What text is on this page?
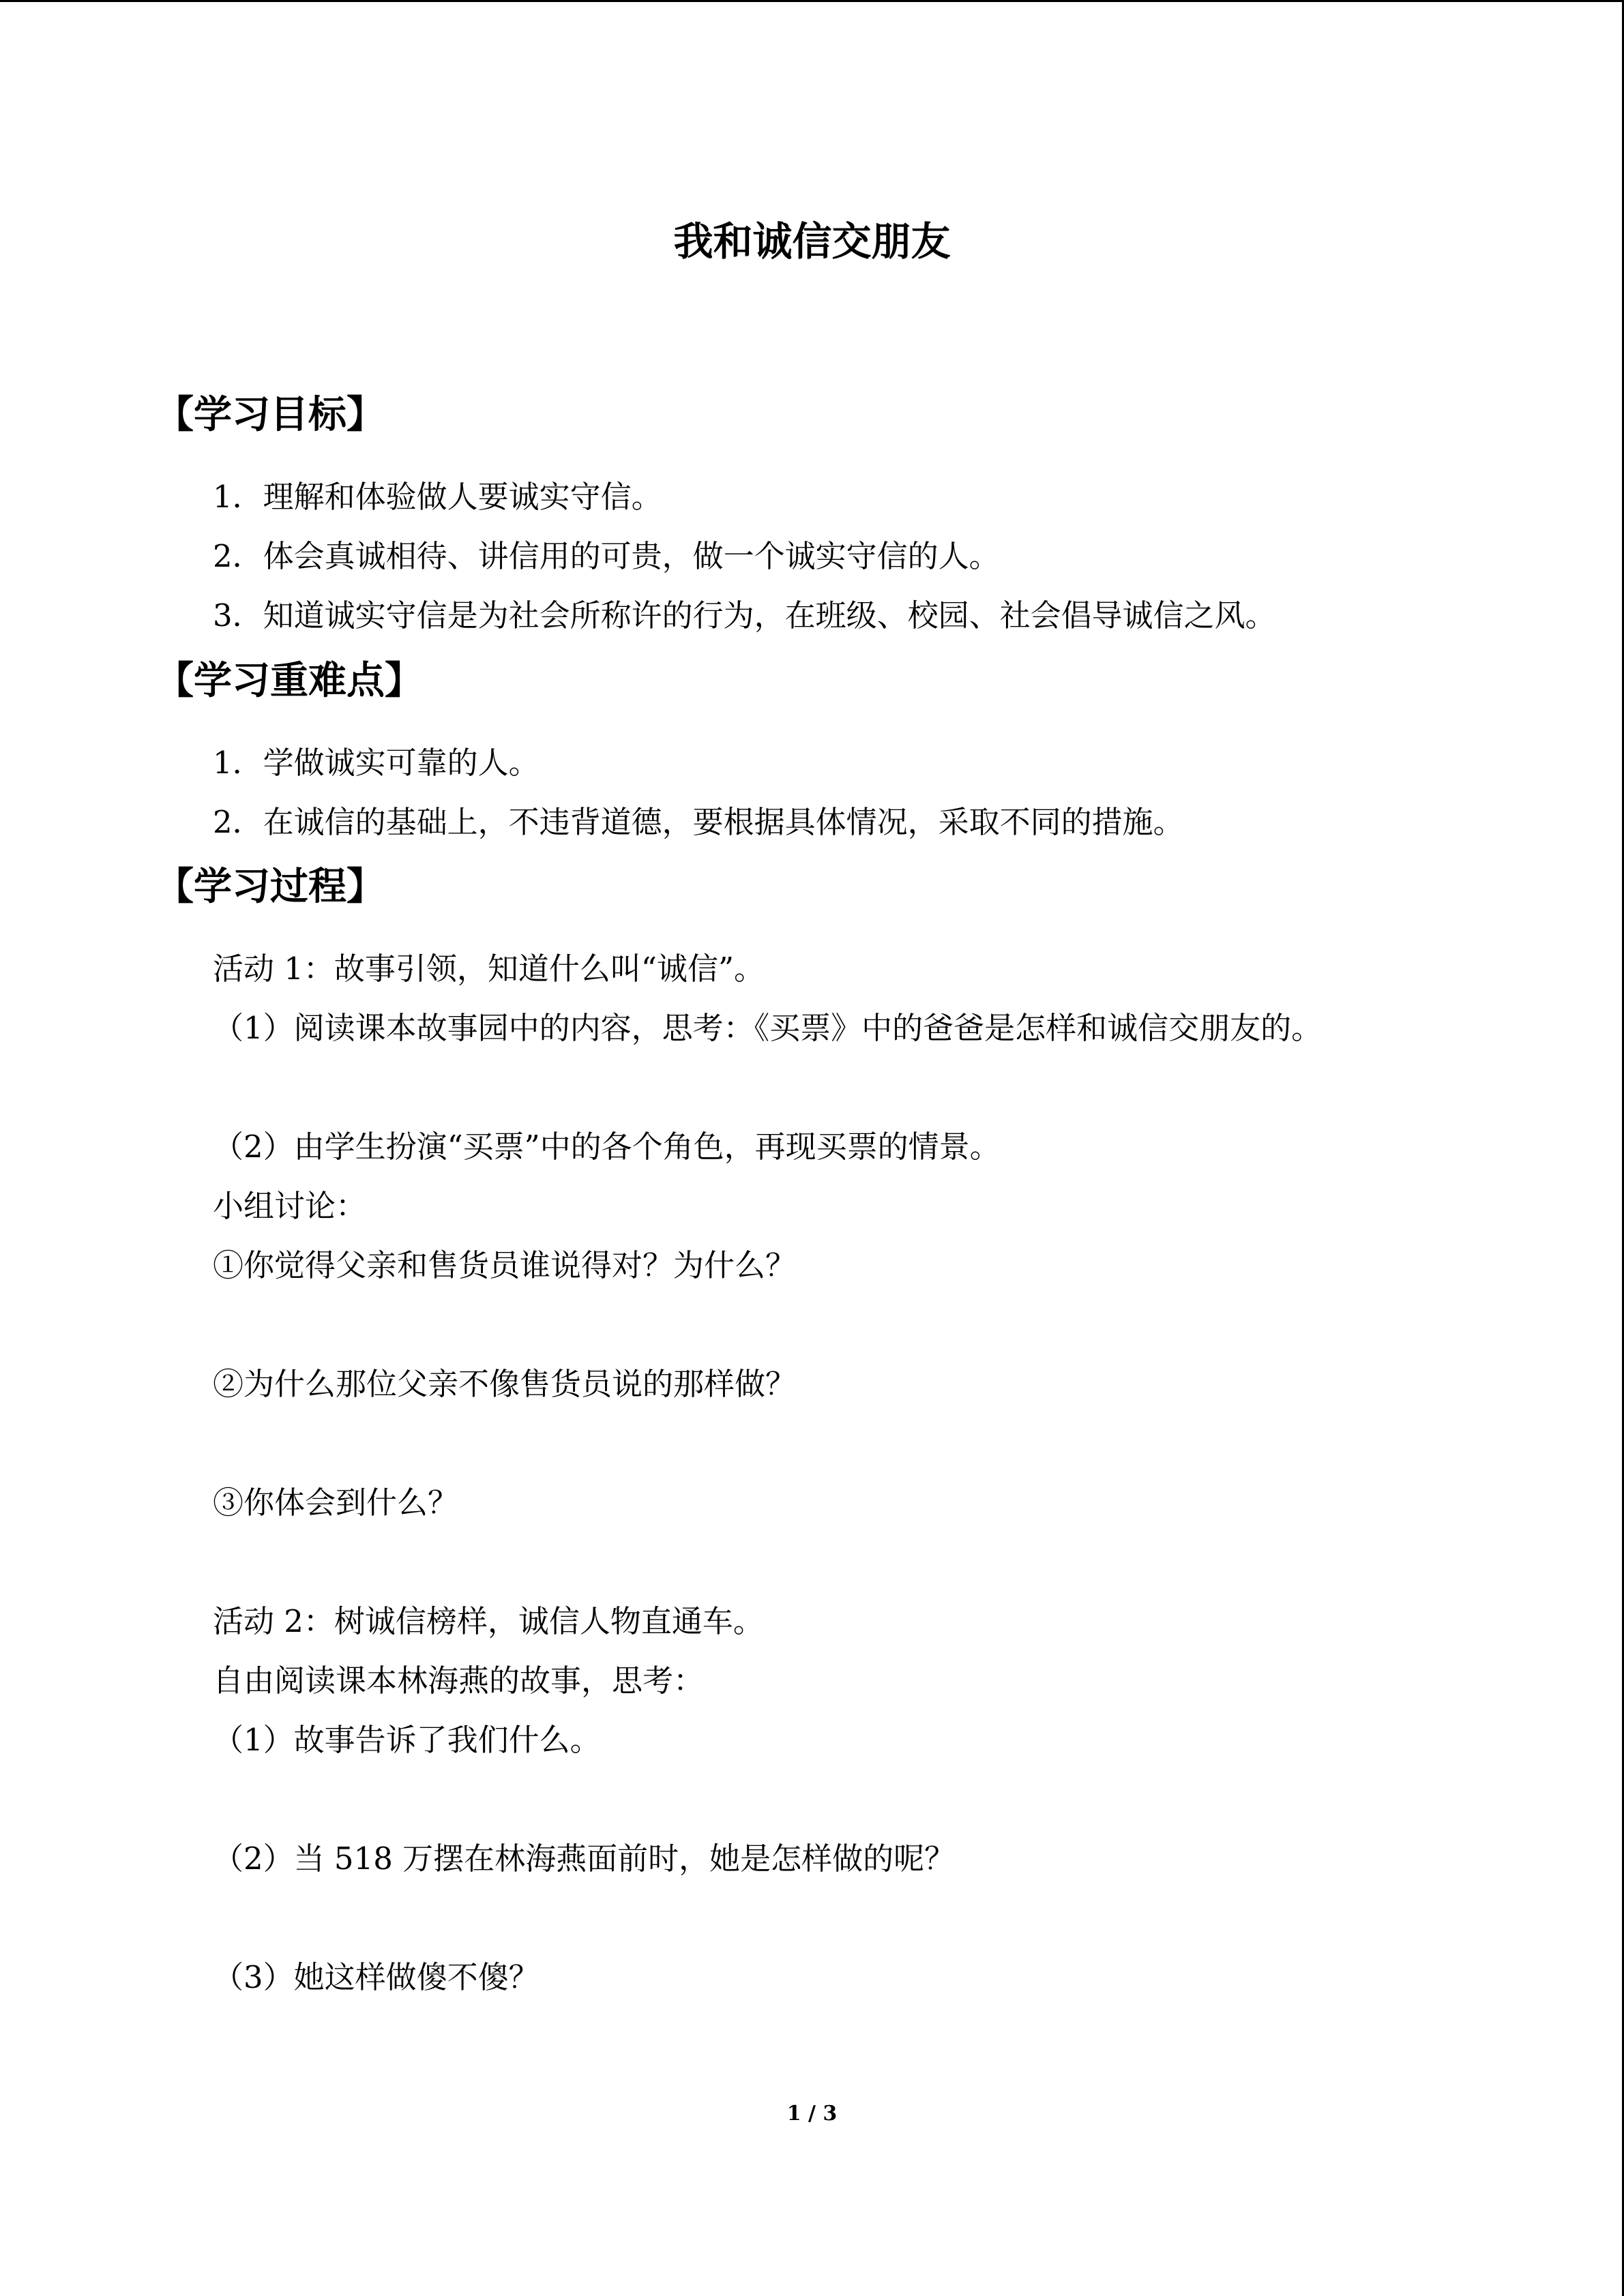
我和诚信交朋友
【学习目标】
1．理解和体验做人要诚实守信。
2．体会真诚相待、讲信用的可贵，做一个诚实守信的人。
3．知道诚实守信是为社会所称许的行为，在班级、校园、社会倡导诚信之风。
【学习重难点】
1．学做诚实可靠的人。
2．在诚信的基础上，不违背道德，要根据具体情况，采取不同的措施。
【学习过程】
活动 1：故事引领，知道什么叫“诚信”。
（1）阅读课本故事园中的内容，思考：《买票》中的爸爸是怎样和诚信交朋友的。
（2）由学生扮演“买票”中的各个角色，再现买票的情景。
小组讨论：
①你觉得父亲和售货员谁说得对？为什么？
②为什么那位父亲不像售货员说的那样做？
③你体会到什么？
活动 2：树诚信榜样，诚信人物直通车。
自由阅读课本林海燕的故事，思考：
（1）故事告诉了我们什么。
（2）当 518 万摆在林海燕面前时，她是怎样做的呢？
（3）她这样做傻不傻？
1 / 3
